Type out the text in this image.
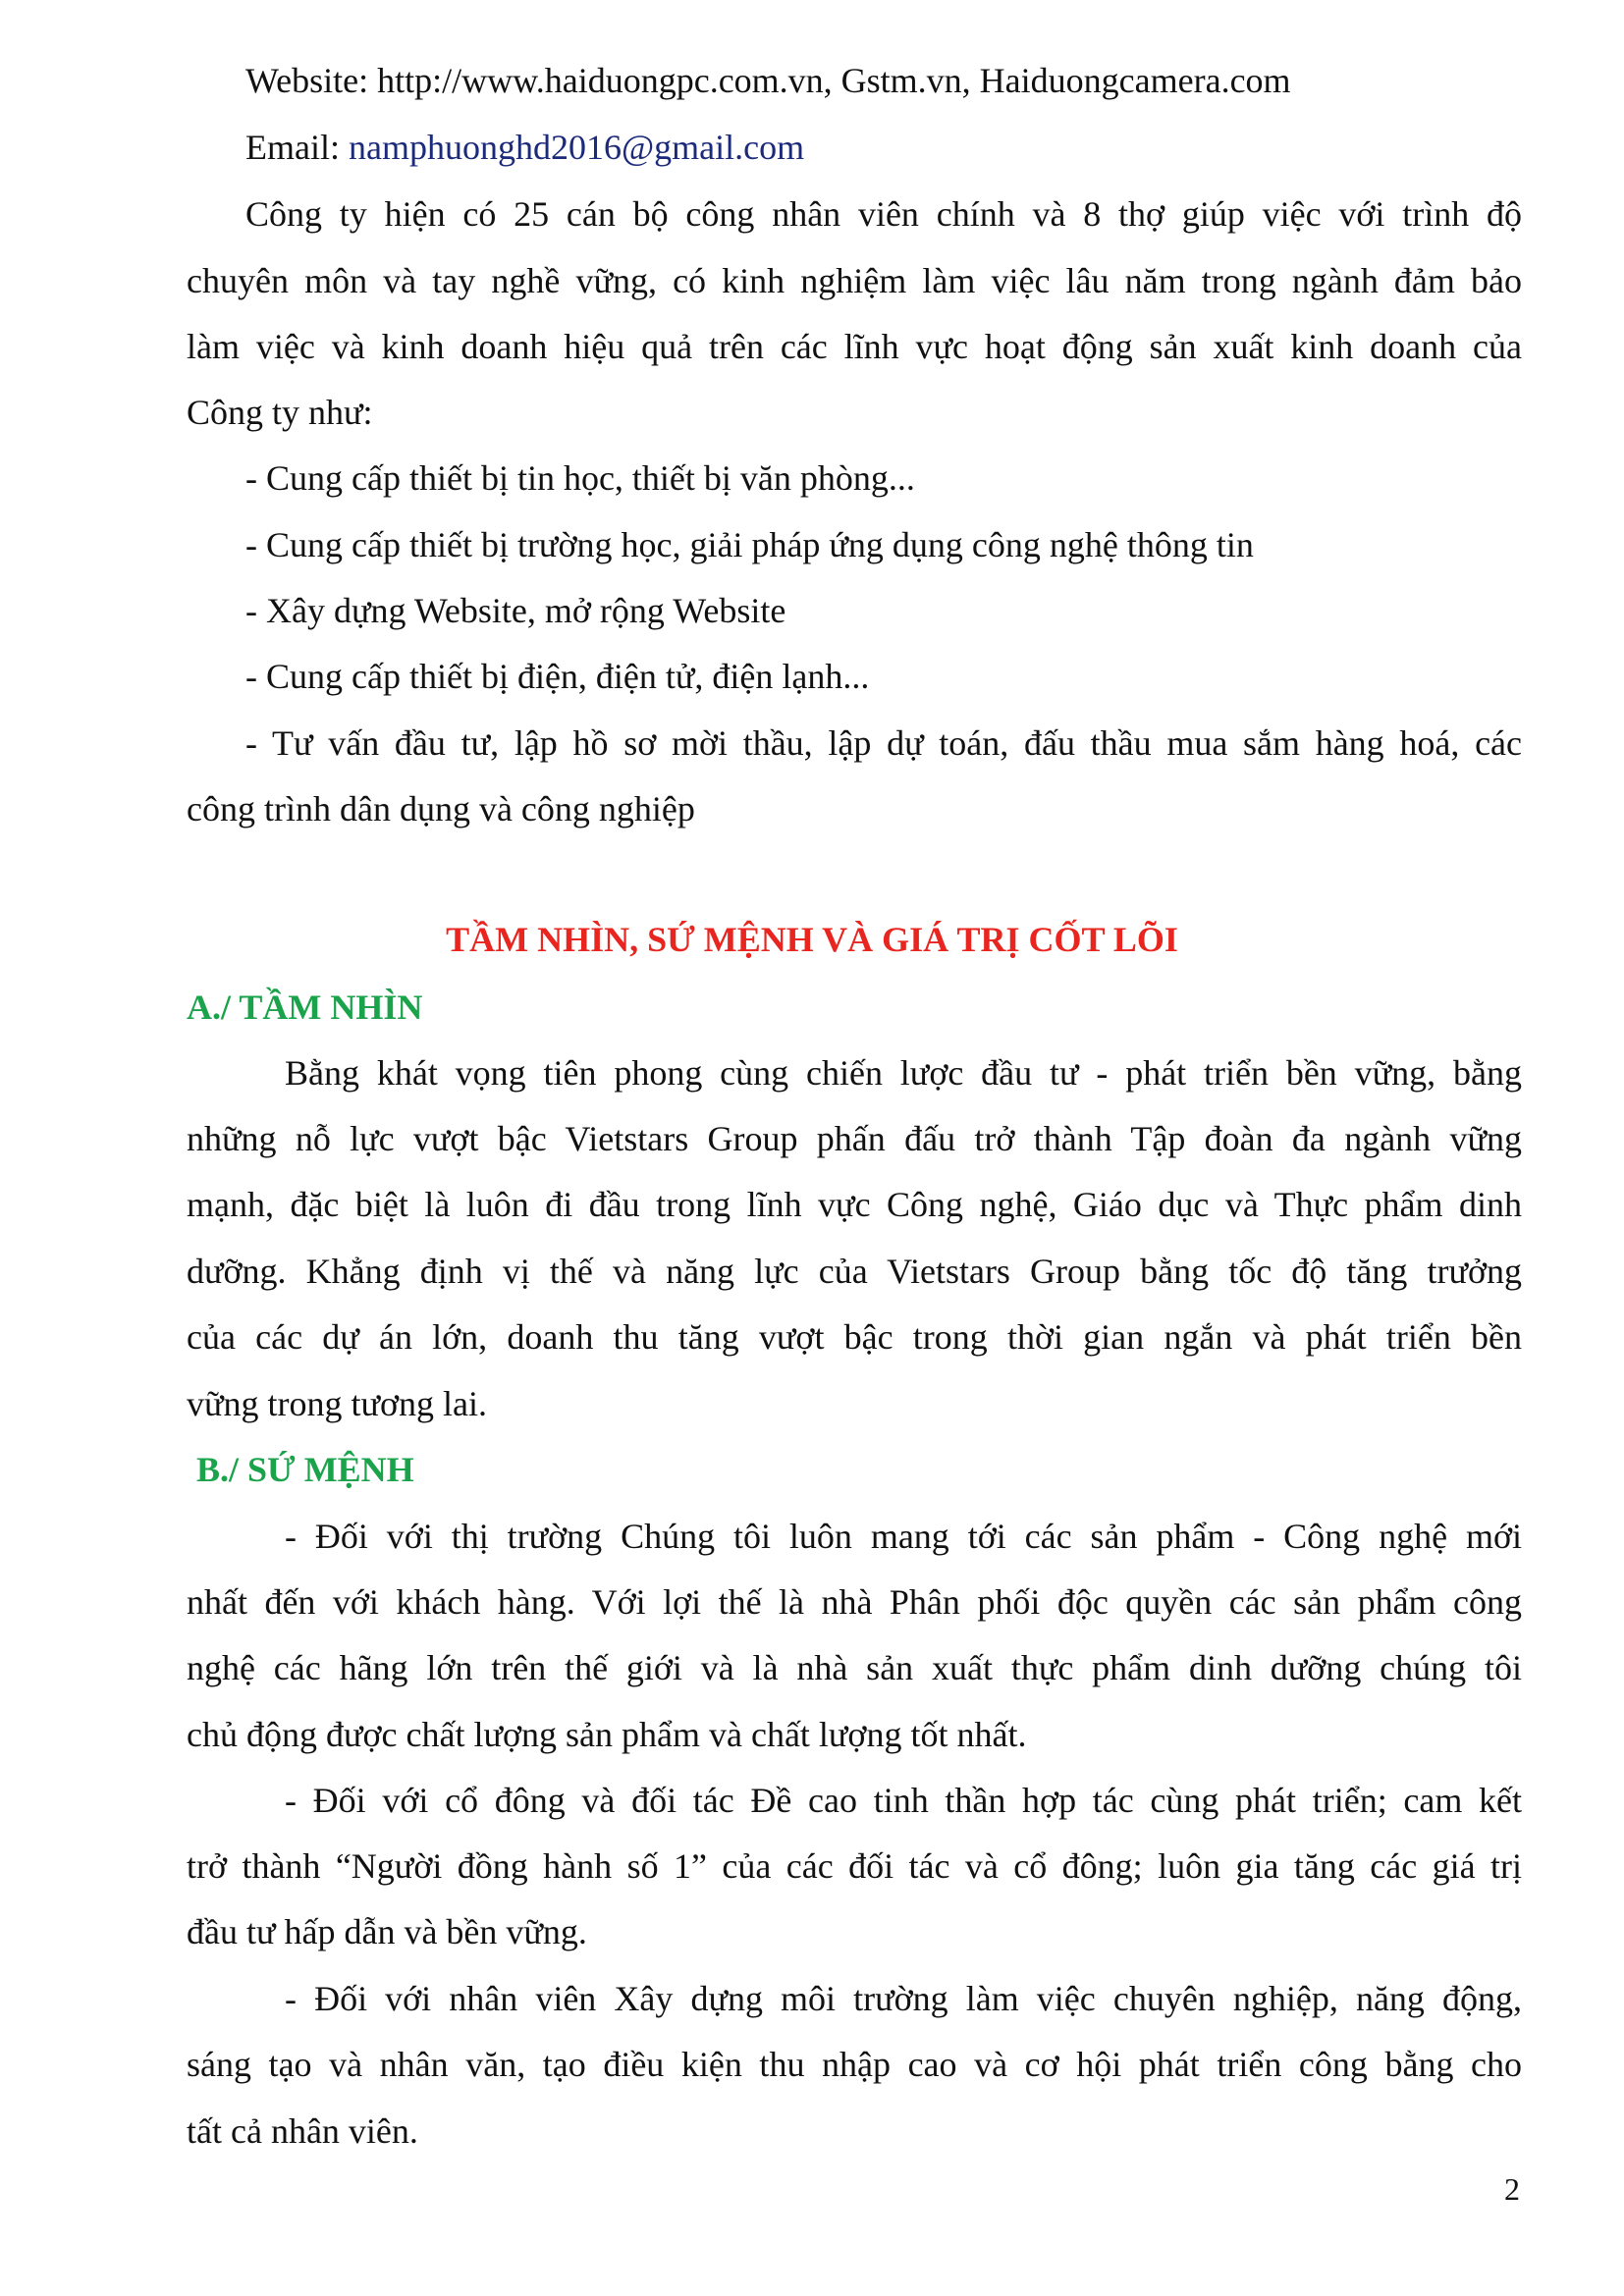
Website: http://www.haiduongpc.com.vn, Gstm.vn, Haiduongcamera.com
Email: namphuonghd2016@gmail.com
Công ty hiện có 25 cán bộ công nhân viên chính và 8 thợ giúp việc với trình độ
chuyên môn và tay nghề vững, có kinh nghiệm làm việc lâu năm trong ngành đảm bảo
làm việc và kinh doanh hiệu quả trên các lĩnh vực hoạt động sản xuất kinh doanh của
Công ty như:
- Cung cấp thiết bị tin học, thiết bị văn phòng...
- Cung cấp thiết bị trường học, giải pháp ứng dụng công nghệ thông tin
- Xây dựng Website, mở rộng Website
- Cung cấp thiết bị điện, điện tử, điện lạnh...
- Tư vấn đầu tư, lập hồ sơ mời thầu, lập dự toán, đấu thầu mua sắm hàng hoá, các
công trình dân dụng và công nghiệp
TẦM NHÌN, SỨ MỆNH VÀ GIÁ TRỊ CỐT LÕI
A./ TẦM NHÌN
Bằng khát vọng tiên phong cùng chiến lược đầu tư - phát triển bền vững, bằng
những nỗ lực vượt bậc Vietstars Group phấn đấu trở thành Tập đoàn đa ngành vững
mạnh, đặc biệt là luôn đi đầu trong lĩnh vực Công nghệ, Giáo dục và Thực phẩm dinh
dưỡng. Khẳng định vị thế và năng lực của Vietstars Group bằng tốc độ tăng trưởng
của các dự án lớn, doanh thu tăng vượt bậc trong thời gian ngắn và phát triển bền
vững trong tương lai.
B./ SỨ MỆNH
- Đối với thị trường Chúng tôi luôn mang tới các sản phẩm - Công nghệ mới
nhất đến với khách hàng. Với lợi thế là nhà Phân phối độc quyền các sản phẩm công
nghệ các hãng lớn trên thế giới và là nhà sản xuất thực phẩm dinh dưỡng chúng tôi
chủ động được chất lượng sản phẩm và chất lượng tốt nhất.
- Đối với cổ đông và đối tác Đề cao tinh thần hợp tác cùng phát triển; cam kết
trở thành “Người đồng hành số 1” của các đối tác và cổ đông; luôn gia tăng các giá trị
đầu tư hấp dẫn và bền vững.
- Đối với nhân viên Xây dựng môi trường làm việc chuyên nghiệp, năng động,
sáng tạo và nhân văn, tạo điều kiện thu nhập cao và cơ hội phát triển công bằng cho
tất cả nhân viên.
2
